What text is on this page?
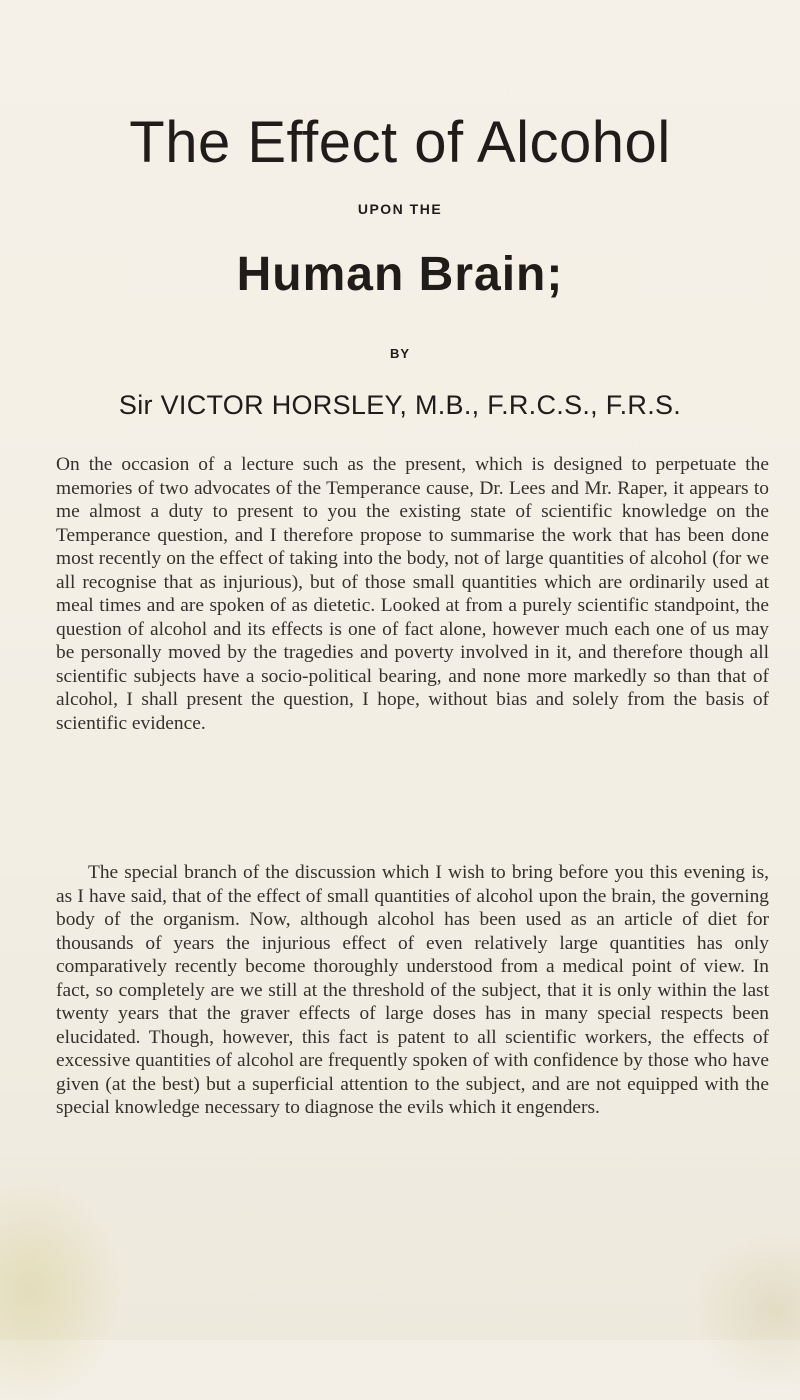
The Effect of Alcohol
UPON THE
Human Brain;
BY
Sir VICTOR HORSLEY, M.B., F.R.C.S., F.R.S.

On the occasion of a lecture such as the present, which is designed to perpetuate the memories of two advocates of the Temperance cause, Dr. Lees and Mr. Raper, it appears to me almost a duty to present to you the existing state of scientific knowledge on the Temperance question, and I therefore propose to summarise the work that has been done most recently on the effect of taking into the body, not of large quantities of alcohol (for we all recognise that as injurious), but of those small quantities which are ordinarily used at meal times and are spoken of as dietetic. Looked at from a purely scientific standpoint, the question of alcohol and its effects is one of fact alone, however much each one of us may be personally moved by the tragedies and poverty involved in it, and therefore though all scientific subjects have a socio-political bearing, and none more markedly so than that of alcohol, I shall present the question, I hope, without bias and solely from the basis of scientific evidence.

The special branch of the discussion which I wish to bring before you this evening is, as I have said, that of the effect of small quantities of alcohol upon the brain, the governing body of the organism. Now, although alcohol has been used as an article of diet for thousands of years the injurious effect of even relatively large quantities has only comparatively recently become thoroughly understood from a medical point of view. In fact, so completely are we still at the threshold of the subject, that it is only within the last twenty years that the graver effects of large doses has in many special respects been elucidated. Though, however, this fact is patent to all scientific workers, the effects of excessive quantities of alcohol are frequently spoken of with confidence by those who have given (at the best) but a superficial attention to the subject, and are not equipped with the special knowledge necessary to diagnose the evils which it engenders.
